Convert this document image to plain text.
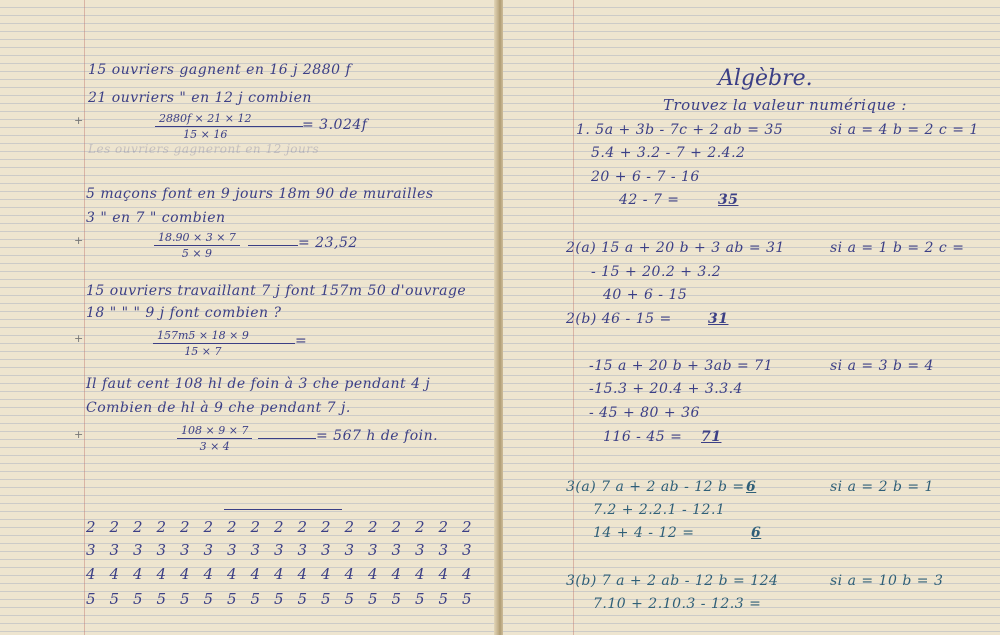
15 ouvriers gagnent en 16 j 2880 f
21 ouvriers " en 12 j combien
+	$\frac{2880f \times 21 \times 12}{15 \times 16}$	= 3.024f
Les ouvriers gagneront en 12 jours
5 maçons font en 9 jours 18m 90 de murailles
3 " en 7 " combien
+	$\frac{18.90 \times 3 \times 7}{5 \times 9}$	= 23,52
15 ouvriers travaillant 7 j font 157m 50 d'ouvrage
18 " " " 9 j font combien ?
+	$\frac{157m5 \times 18 \times 9}{15 \times 7}$	=
Il faut cent 108 hl de foin à 3 che pendant 4 j
Combien de hl à 9 che pendant 7 j.
+	$\frac{108 \times 9 \times 7}{3 \times 4}$	= 567 h de foin.
2 2 2 2 2 2 2 2 2 2 2 2 2 2 2 2 2
3 3 3 3 3 3 3 3 3 3 3 3 3 3 3 3 3
4 4 4 4 4 4 4 4 4 4 4 4 4 4 4 4 4
5 5 5 5 5 5 5 5 5 5 5 5 5 5 5 5 5
Algèbre.
Trouvez la valeur numérique :
1. 5a + 3b - 7c + 2 ab = 35	si a = 4 b = 2 c = 1
5.4 + 3.2 - 7 + 2.4.2
20 + 6 - 7 - 16
42 - 7 =	35
2(a) 15 a + 20 b + 3 ab = 31	si a = 1 b = 2 c =
- 15 + 20.2 + 3.2
40 + 6 - 15
2(b) 46 - 15 =	31
-15 a + 20 b + 3ab = 71	si a = 3 b = 4
-15.3 + 20.4 + 3.3.4
- 45 + 80 + 36
116 - 45 = 71
3(a) 7 a + 2 ab - 12 b = 6	si a = 2 b = 1
7.2 + 2.2.1 - 12.1
14 + 4 - 12 =	6
3(b) 7 a + 2 ab - 12 b = 124	si a = 10 b = 3
7.10 + 2.10.3 - 12.3 =
